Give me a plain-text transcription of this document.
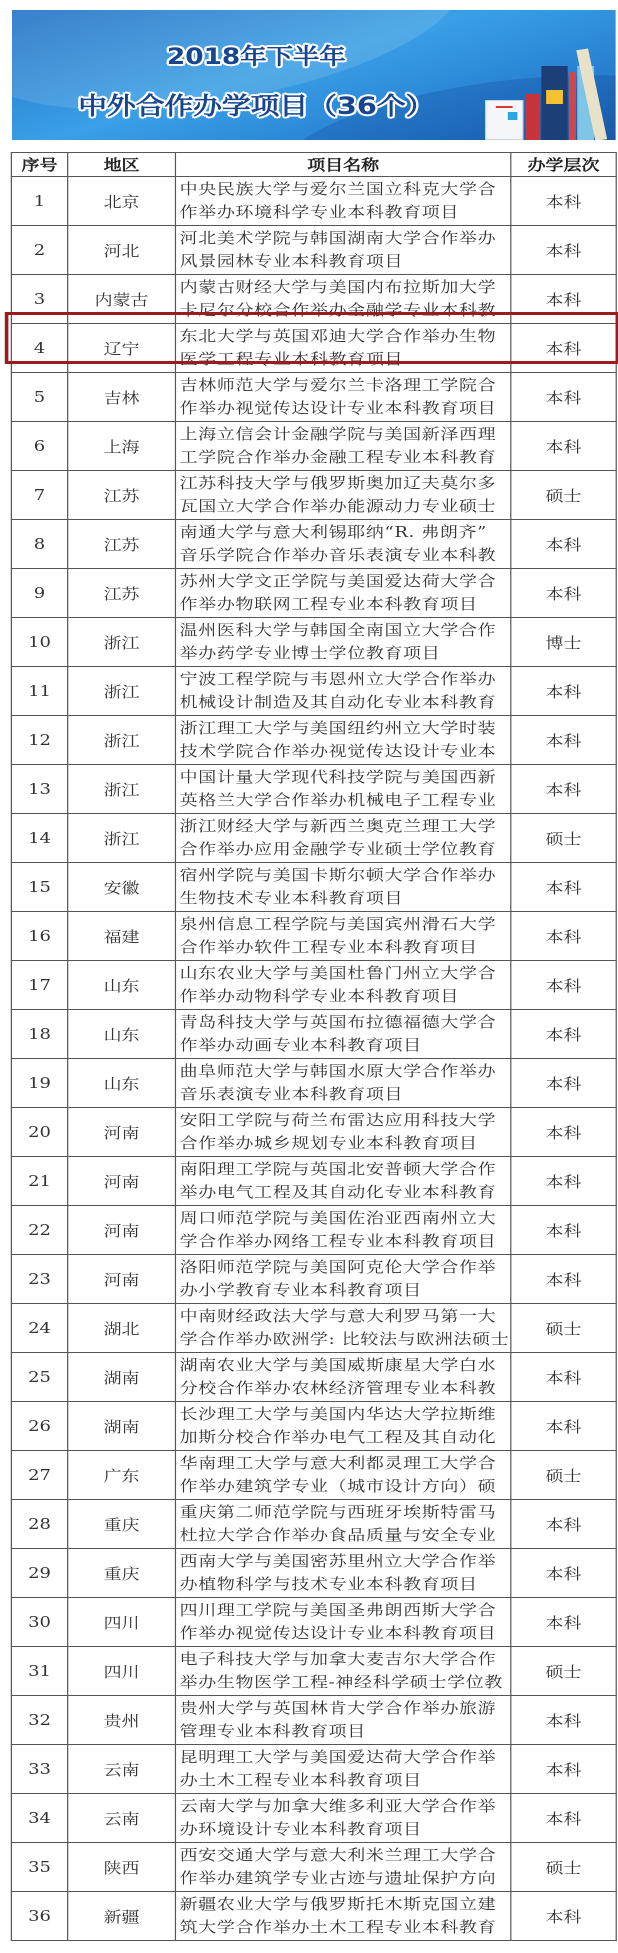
2018年下半年
中外合作办学项目（36个）
序号	地区	项目名称	办学层次
1	北京	中央民族大学与爱尔兰国立科克大学合
作举办环境科学专业本科教育项目	本科
2	河北	河北美术学院与韩国湖南大学合作举办
风景园林专业本科教育项目	本科
3	内蒙古	内蒙古财经大学与美国内布拉斯加大学
卡尼尔分校合作举办金融学专业本科教	本科
4	辽宁	东北大学与英国邓迪大学合作举办生物
医学工程专业本科教育项目	本科
5	吉林	吉林师范大学与爱尔兰卡洛理工学院合
作举办视觉传达设计专业本科教育项目	本科
6	上海	上海立信会计金融学院与美国新泽西理
工学院合作举办金融工程专业本科教育	本科
7	江苏	江苏科技大学与俄罗斯奥加辽夫莫尔多
瓦国立大学合作举办能源动力专业硕士	硕士
8	江苏	南通大学与意大利锡耶纳“R. 弗朗齐”
音乐学院合作举办音乐表演专业本科教	本科
9	江苏	苏州大学文正学院与美国爱达荷大学合
作举办物联网工程专业本科教育项目	本科
10	浙江	温州医科大学与韩国全南国立大学合作
举办药学专业博士学位教育项目	博士
11	浙江	宁波工程学院与韦恩州立大学合作举办
机械设计制造及其自动化专业本科教育	本科
12	浙江	浙江理工大学与美国纽约州立大学时装
技术学院合作举办视觉传达设计专业本	本科
13	浙江	中国计量大学现代科技学院与美国西新
英格兰大学合作举办机械电子工程专业	本科
14	浙江	浙江财经大学与新西兰奥克兰理工大学
合作举办应用金融学专业硕士学位教育	硕士
15	安徽	宿州学院与美国卡斯尔顿大学合作举办
生物技术专业本科教育项目	本科
16	福建	泉州信息工程学院与美国宾州滑石大学
合作举办软件工程专业本科教育项目	本科
17	山东	山东农业大学与美国杜鲁门州立大学合
作举办动物科学专业本科教育项目	本科
18	山东	青岛科技大学与英国布拉德福德大学合
作举办动画专业本科教育项目	本科
19	山东	曲阜师范大学与韩国水原大学合作举办
音乐表演专业本科教育项目	本科
20	河南	安阳工学院与荷兰布雷达应用科技大学
合作举办城乡规划专业本科教育项目	本科
21	河南	南阳理工学院与英国北安普顿大学合作
举办电气工程及其自动化专业本科教育	本科
22	河南	周口师范学院与美国佐治亚西南州立大
学合作举办网络工程专业本科教育项目	本科
23	河南	洛阳师范学院与美国阿克伦大学合作举
办小学教育专业本科教育项目	本科
24	湖北	中南财经政法大学与意大利罗马第一大
学合作举办欧洲学: 比较法与欧洲法硕士	硕士
25	湖南	湖南农业大学与美国威斯康星大学白水
分校合作举办农林经济管理专业本科教	本科
26	湖南	长沙理工大学与美国内华达大学拉斯维
加斯分校合作举办电气工程及其自动化	本科
27	广东	华南理工大学与意大利都灵理工大学合
作举办建筑学专业（城市设计方向）硕	硕士
28	重庆	重庆第二师范学院与西班牙埃斯特雷马
杜拉大学合作举办食品质量与安全专业	本科
29	重庆	西南大学与美国密苏里州立大学合作举
办植物科学与技术专业本科教育项目	本科
30	四川	四川理工学院与美国圣弗朗西斯大学合
作举办视觉传达设计专业本科教育项目	本科
31	四川	电子科技大学与加拿大麦吉尔大学合作
举办生物医学工程-神经科学硕士学位教	硕士
32	贵州	贵州大学与英国林肯大学合作举办旅游
管理专业本科教育项目	本科
33	云南	昆明理工大学与美国爱达荷大学合作举
办土木工程专业本科教育项目	本科
34	云南	云南大学与加拿大维多利亚大学合作举
办环境设计专业本科教育项目	本科
35	陕西	西安交通大学与意大利米兰理工大学合
作举办建筑学专业古迹与遗址保护方向	硕士
36	新疆	新疆农业大学与俄罗斯托木斯克国立建
筑大学合作举办土木工程专业本科教育	本科
